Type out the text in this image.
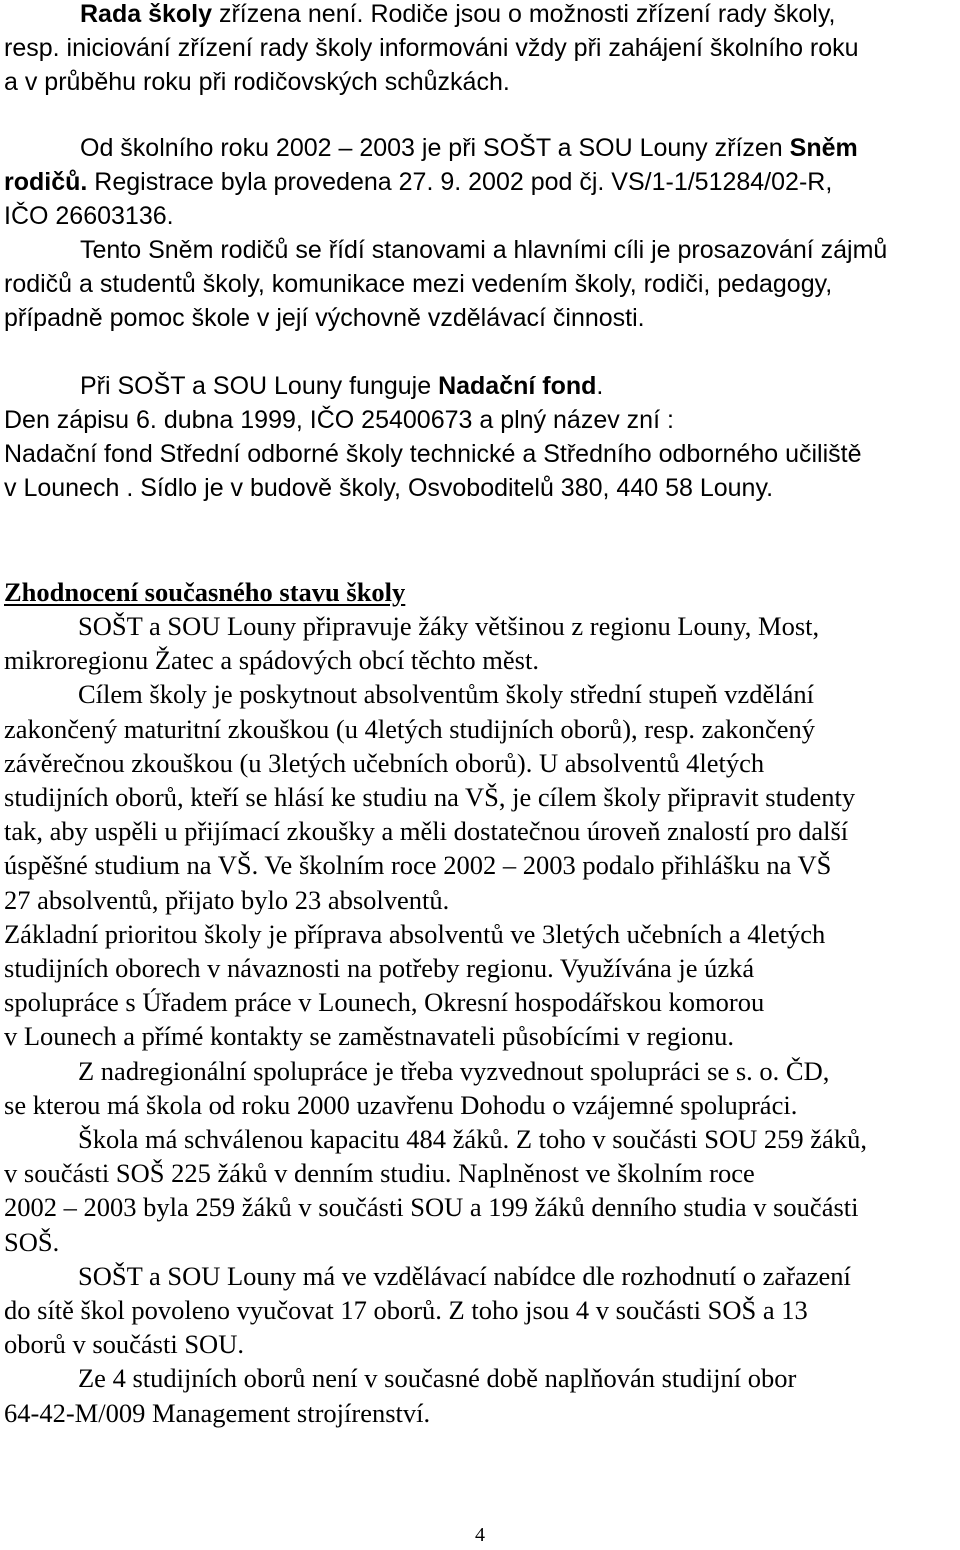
Rada školy zřízena není. Rodiče jsou o možnosti zřízení rady školy,
resp. iniciování zřízení rady školy informováni vždy při zahájení školního roku
a v průběhu roku při rodičovských schůzkách.
Od školního roku 2002 – 2003 je při SOŠT a SOU Louny zřízen Sněm
rodičů. Registrace byla provedena 27. 9. 2002 pod čj. VS/1-1/51284/02-R,
IČO 26603136.
Tento Sněm rodičů se řídí stanovami a hlavními cíli je prosazování zájmů
rodičů a studentů školy, komunikace mezi vedením školy, rodiči, pedagogy,
případně pomoc škole v její výchovně vzdělávací činnosti.
Při SOŠT a SOU Louny funguje Nadační fond.
Den zápisu 6. dubna 1999, IČO 25400673 a plný název zní :
Nadační fond Střední odborné školy technické a Středního odborného učiliště
v Lounech . Sídlo je v budově školy, Osvoboditelů 380, 440 58 Louny.
Zhodnocení současného stavu školy
SOŠT a SOU Louny připravuje žáky většinou z regionu Louny, Most,
mikroregionu Žatec a spádových obcí těchto měst.
Cílem školy je poskytnout absolventům školy střední stupeň vzdělání
zakončený maturitní zkouškou (u 4letých studijních oborů), resp. zakončený
závěrečnou zkouškou (u 3letých učebních oborů). U absolventů 4letých
studijních oborů, kteří se hlásí ke studiu na VŠ, je cílem školy připravit studenty
tak, aby uspěli u přijímací zkoušky a měli dostatečnou úroveň znalostí pro další
úspěšné studium na VŠ. Ve školním roce 2002 – 2003 podalo přihlášku na VŠ
27 absolventů, přijato bylo 23 absolventů.
Základní prioritou školy je příprava absolventů ve 3letých učebních a 4letých
studijních oborech v návaznosti na potřeby regionu. Využívána je úzká
spolupráce s Úřadem práce v Lounech, Okresní hospodářskou komorou
v Lounech a přímé kontakty se zaměstnavateli působícími v regionu.
Z nadregionální spolupráce je třeba vyzvednout spolupráci se s. o. ČD,
se kterou má škola od roku 2000 uzavřenu Dohodu o vzájemné spolupráci.
Škola má schválenou kapacitu 484 žáků. Z toho v součásti SOU 259 žáků,
v součásti SOŠ 225 žáků v denním studiu. Naplněnost ve školním roce
2002 – 2003 byla 259 žáků v součásti SOU a 199 žáků denního studia v součásti
SOŠ.
SOŠT a SOU Louny má ve vzdělávací nabídce dle rozhodnutí o zařazení
do sítě škol povoleno vyučovat 17 oborů. Z toho jsou 4 v součásti SOŠ a 13
oborů v součásti SOU.
Ze 4 studijních oborů není v současné době naplňován studijní obor
64-42-M/009 Management strojírenství.
4
